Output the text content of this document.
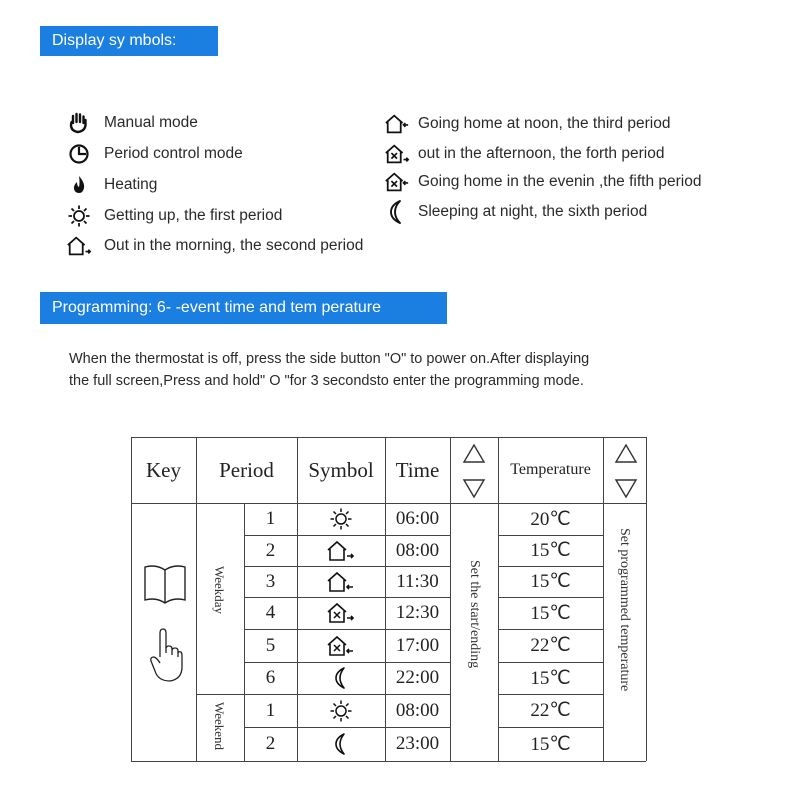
Display sy mbols:
Programming: 6- -event time and tem perature
Manual mode
Period control mode
Heating
Getting up, the first period
Out in the morning, the second period
Going home at noon, the third period
out in the afternoon, the forth period
Going home in the evenin ,the fifth period
Sleeping at night, the sixth period
When the thermostat is off, press the side button "O" to power on.After displaying
the full screen,Press and hold" O "for 3 secondsto enter the programming mode.
Key	Period	Symbol	Time	Temperature
Weekday
Weekend
Set the start/ending	Set programmed temperature
1	06:00	20℃
2	08:00	15℃
3	11:30	15℃
4	12:30	15℃
5	17:00	22℃
6	22:00	15℃
1	08:00	22℃
2	23:00	15℃
